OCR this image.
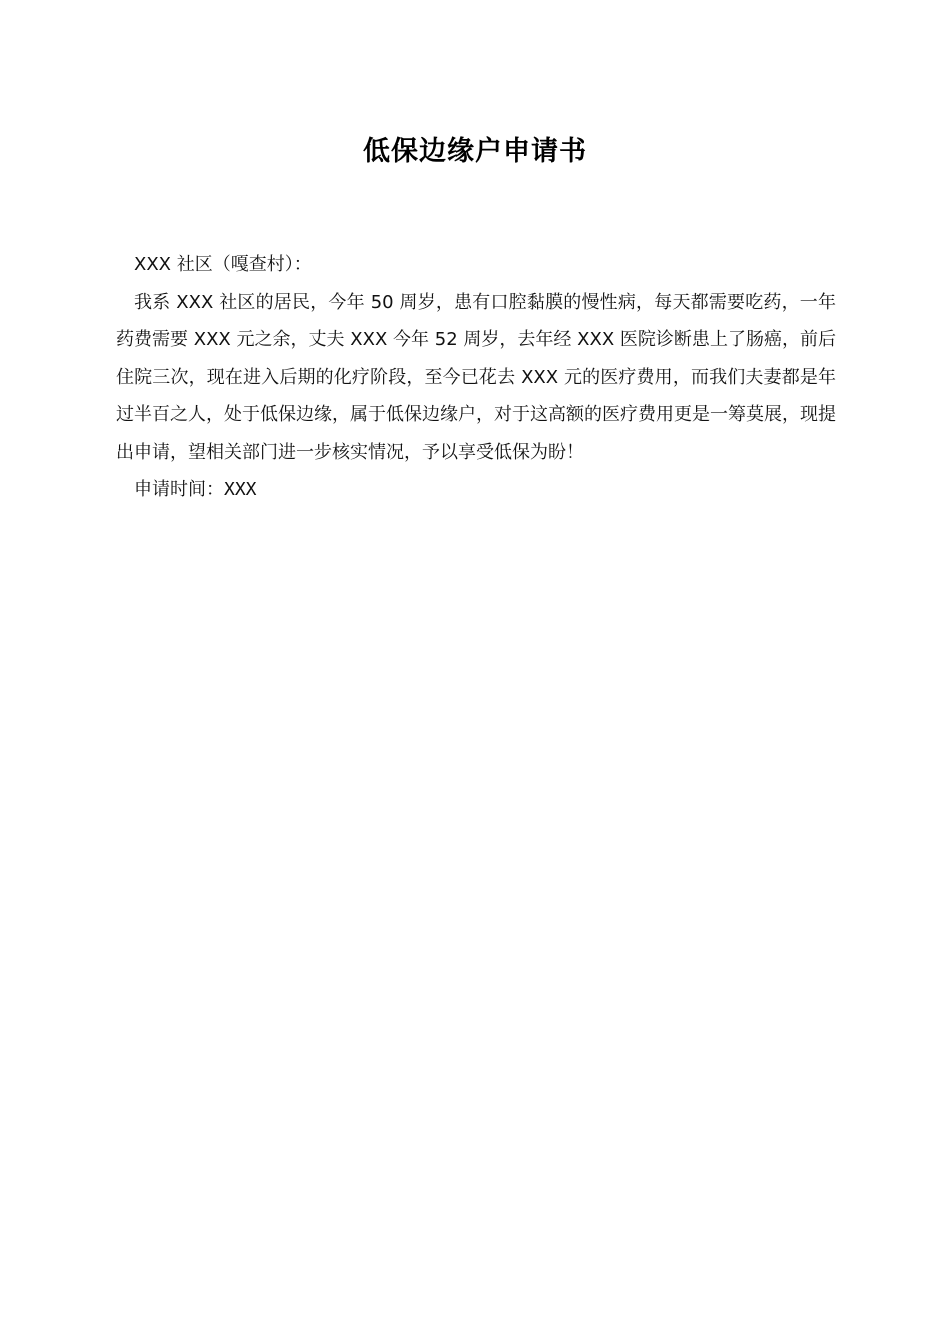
低保边缘户申请书

XXX 社区（嘎查村）：

我系 XXX 社区的居民，今年 50 周岁，患有口腔黏膜的慢性病，每天都需要吃药，一年药费需要 XXX 元之余，丈夫 XXX 今年 52 周岁，去年经 XXX 医院诊断患上了肠癌，前后住院三次，现在进入后期的化疗阶段，至今已花去 XXX 元的医疗费用，而我们夫妻都是年过半百之人，处于低保边缘，属于低保边缘户，对于这高额的医疗费用更是一筹莫展，现提出申请，望相关部门进一步核实情况，予以享受低保为盼！

申请时间：XXX
